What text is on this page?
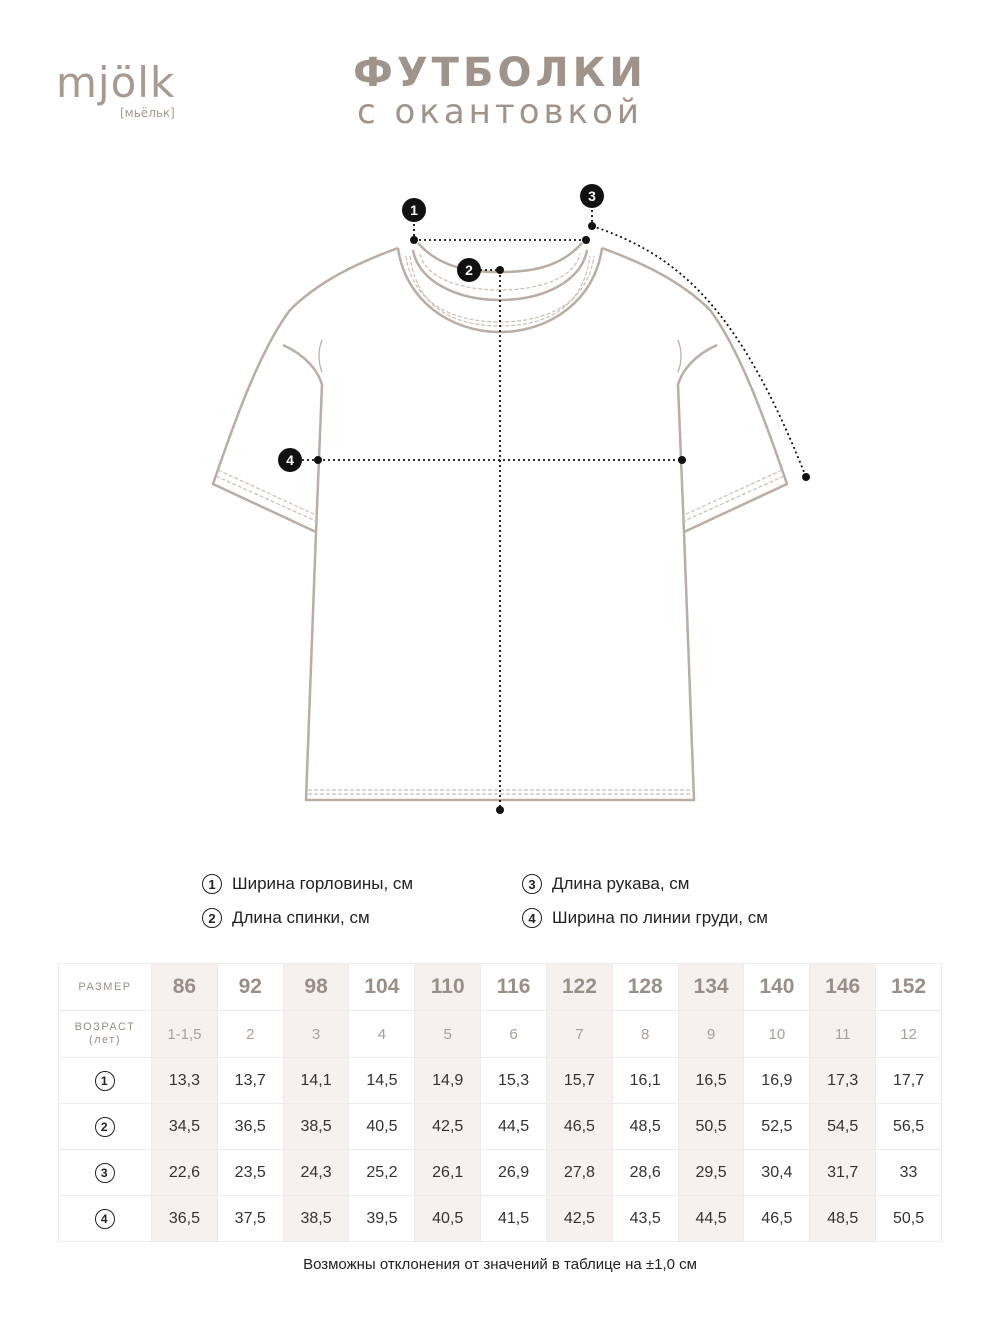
mjölk
[мьёльк]
ФУТБОЛКИ
с окантовкой
1
2
3
4
1 Ширина горловины, см
2 Длина спинки, см
3 Длина рукава, см
4 Ширина по линии груди, см
РАЗМЕР	86	92	98	104	110	116	122	128	134	140	146	152

ВОЗРАСТ
(лет)	1-1,5	2	3	4	5	6	7	8	9	10	11	12
1	13,3	13,7	14,1	14,5	14,9	15,3	15,7	16,1	16,5	16,9	17,3	17,7
2	34,5	36,5	38,5	40,5	42,5	44,5	46,5	48,5	50,5	52,5	54,5	56,5
3	22,6	23,5	24,3	25,2	26,1	26,9	27,8	28,6	29,5	30,4	31,7	33
4	36,5	37,5	38,5	39,5	40,5	41,5	42,5	43,5	44,5	46,5	48,5	50,5
Возможны отклонения от значений в таблице на ±1,0 см
